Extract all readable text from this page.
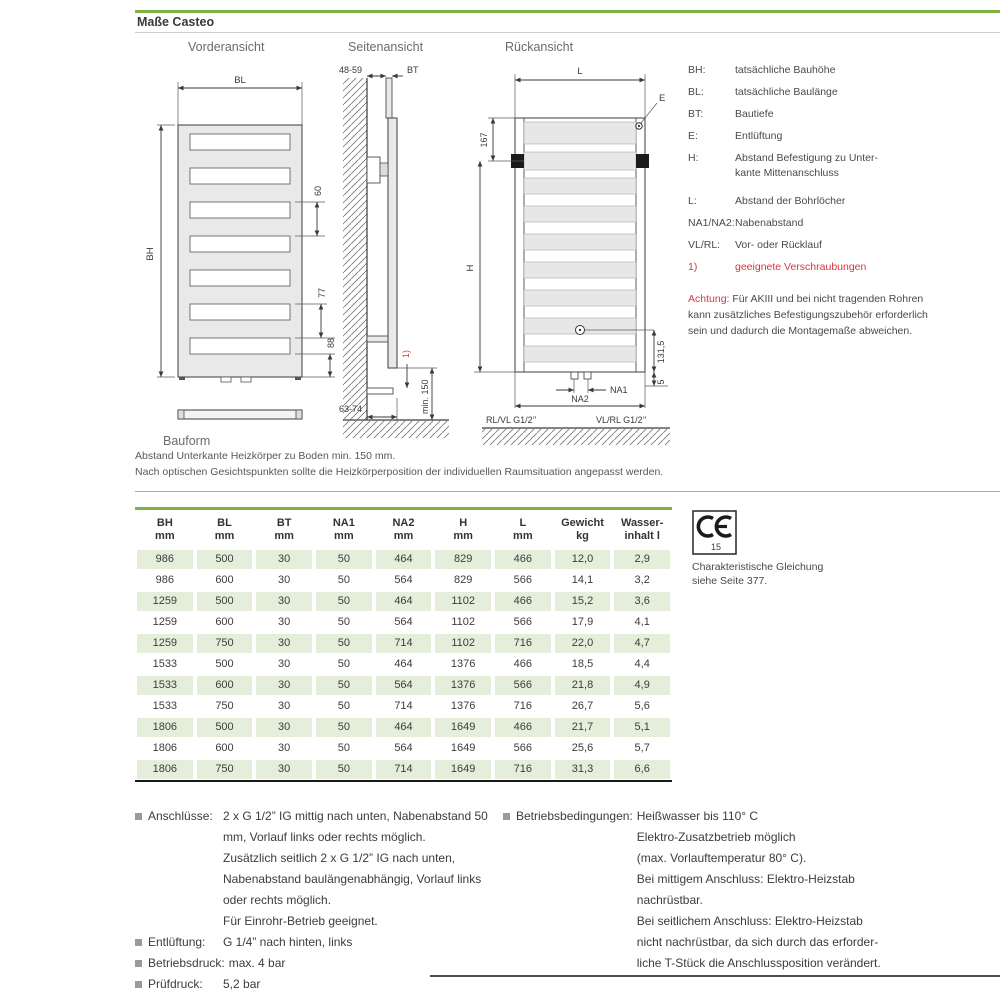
Maße Casteo
Vorderansicht	Seitenansicht	Rückansicht
BL
BH
60
77
88
48-59	BT
1)
min. 150
63-74
L
E
167
H
131,5
5
NA1
NA2
RL/VL G1/2’’	VL/RL G1/2’’
BH:	tatsächliche Bauhöhe
BL:	tatsächliche Baulänge
BT:	Bautiefe
E:	Entlüftung
H:	Abstand Befestigung zu Unter-
kante Mittenanschluss
L:	Abstand der Bohrlöcher
NA1/NA2: Nabenabstand
VL/RL:	Vor- oder Rücklauf
1)	geeignete Verschraubungen
Achtung: Für AKIII und bei nicht tragenden Rohren kann zusätzliches Befestigungszubehör erforderlich sein und dadurch die Montagemaße abweichen.
Bauform
Abstand Unterkante Heizkörper zu Boden min. 150 mm.
Nach optischen Gesichtspunkten sollte die Heizkörperposition der individuellen Raumsituation angepasst werden.
BH
mm
BL
mm
BT
mm
NA1
mm
NA2
mm
H
mm
L
mm
Gewicht
kg
Wasser-
inhalt l
986	500	30	50	464	829	466	12,0	2,9
986	600	30	50	564	829	566	14,1	3,2
1259	500	30	50	464	1102	466	15,2	3,6
1259	600	30	50	564	1102	566	17,9	4,1
1259	750	30	50	714	1102	716	22,0	4,7
1533	500	30	50	464	1376	466	18,5	4,4
1533	600	30	50	564	1376	566	21,8	4,9
1533	750	30	50	714	1376	716	26,7	5,6
1806	500	30	50	464	1649	466	21,7	5,1
1806	600	30	50	564	1649	566	25,6	5,7
1806	750	30	50	714	1649	716	31,3	6,6
15
Charakteristische Gleichung
siehe Seite 377.
Anschlüsse: 2 x G 1/2” IG mittig nach unten, Nabenabstand 50
mm, Vorlauf links oder rechts möglich.
Zusätzlich seitlich 2 x G 1/2” IG nach unten,
Nabenabstand baulängenabhängig, Vorlauf links
oder rechts möglich.
Für Einrohr-Betrieb geeignet.
Entlüftung:	G 1/4” nach hinten, links
Betriebsdruck: max. 4 bar
Prüfdruck:	5,2 bar
Betriebsbedingungen: Heißwasser bis 110° C
Elektro-Zusatzbetrieb möglich
(max. Vorlauftemperatur 80° C).
Bei mittigem Anschluss: Elektro-Heizstab
nachrüstbar.
Bei seitlichem Anschluss: Elektro-Heizstab
nicht nachrüstbar, da sich durch das erforder-
liche T-Stück die Anschlussposition verändert.
